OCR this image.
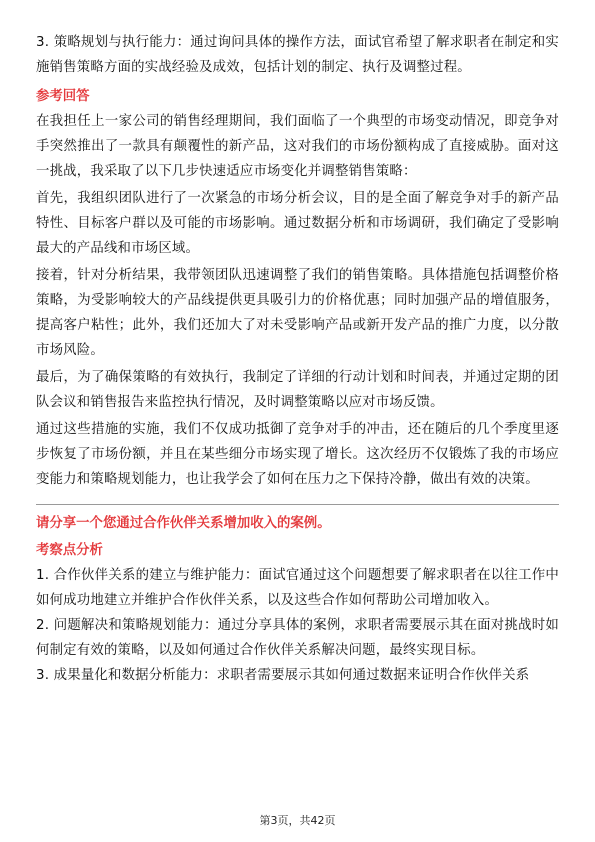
3. 策略规划与执行能力：通过询问具体的操作方法，面试官希望了解求职者在制定和实施销售策略方面的实战经验及成效，包括计划的制定、执行及调整过程。

参考回答

在我担任上一家公司的销售经理期间，我们面临了一个典型的市场变动情况，即竞争对手突然推出了一款具有颠覆性的新产品，这对我们的市场份额构成了直接威胁。面对这一挑战，我采取了以下几步快速适应市场变化并调整销售策略：

首先，我组织团队进行了一次紧急的市场分析会议，目的是全面了解竞争对手的新产品特性、目标客户群以及可能的市场影响。通过数据分析和市场调研，我们确定了受影响最大的产品线和市场区域。

接着，针对分析结果，我带领团队迅速调整了我们的销售策略。具体措施包括调整价格策略，为受影响较大的产品线提供更具吸引力的价格优惠；同时加强产品的增值服务，提高客户粘性；此外，我们还加大了对未受影响产品或新开发产品的推广力度，以分散市场风险。

最后，为了确保策略的有效执行，我制定了详细的行动计划和时间表，并通过定期的团队会议和销售报告来监控执行情况，及时调整策略以应对市场反馈。

通过这些措施的实施，我们不仅成功抵御了竞争对手的冲击，还在随后的几个季度里逐步恢复了市场份额，并且在某些细分市场实现了增长。这次经历不仅锻炼了我的市场应变能力和策略规划能力，也让我学会了如何在压力之下保持冷静，做出有效的决策。

请分享一个您通过合作伙伴关系增加收入的案例。

考察点分析

1. 合作伙伴关系的建立与维护能力：面试官通过这个问题想要了解求职者在以往工作中如何成功地建立并维护合作伙伴关系，以及这些合作如何帮助公司增加收入。

2. 问题解决和策略规划能力：通过分享具体的案例，求职者需要展示其在面对挑战时如何制定有效的策略，以及如何通过合作伙伴关系解决问题，最终实现目标。

3. 成果量化和数据分析能力：求职者需要展示其如何通过数据来证明合作伙伴关系

第3页，共42页
